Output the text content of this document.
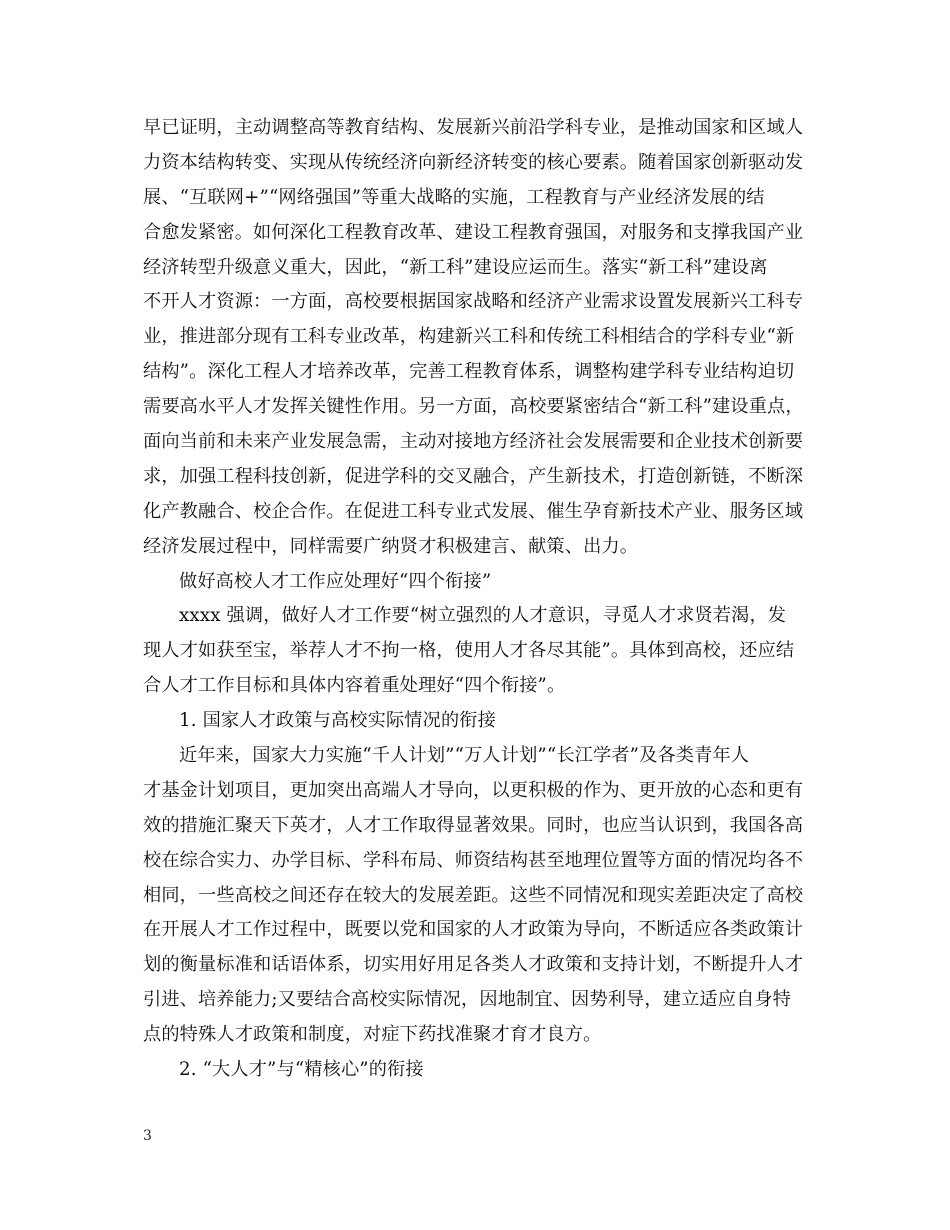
早已证明，主动调整高等教育结构、发展新兴前沿学科专业，是推动国家和区域人
力资本结构转变、实现从传统经济向新经济转变的核心要素。随着国家创新驱动发
展、“互联网+”“网络强国”等重大战略的实施，工程教育与产业经济发展的结
合愈发紧密。如何深化工程教育改革、建设工程教育强国，对服务和支撑我国产业
经济转型升级意义重大，因此，“新工科”建设应运而生。落实“新工科”建设离
不开人才资源：一方面，高校要根据国家战略和经济产业需求设置发展新兴工科专
业，推进部分现有工科专业改革，构建新兴工科和传统工科相结合的学科专业“新
结构”。深化工程人才培养改革，完善工程教育体系，调整构建学科专业结构迫切
需要高水平人才发挥关键性作用。另一方面，高校要紧密结合“新工科”建设重点，
面向当前和未来产业发展急需，主动对接地方经济社会发展需要和企业技术创新要
求，加强工程科技创新，促进学科的交叉融合，产生新技术，打造创新链，不断深
化产教融合、校企合作。在促进工科专业式发展、催生孕育新技术产业、服务区域
经济发展过程中，同样需要广纳贤才积极建言、献策、出力。
做好高校人才工作应处理好“四个衔接”
xxxx 强调，做好人才工作要“树立强烈的人才意识，寻觅人才求贤若渴，发
现人才如获至宝，举荐人才不拘一格，使用人才各尽其能”。具体到高校，还应结
合人才工作目标和具体内容着重处理好“四个衔接”。
1. 国家人才政策与高校实际情况的衔接
近年来，国家大力实施“千人计划”“万人计划”“长江学者”及各类青年人
才基金计划项目，更加突出高端人才导向，以更积极的作为、更开放的心态和更有
效的措施汇聚天下英才，人才工作取得显著效果。同时，也应当认识到，我国各高
校在综合实力、办学目标、学科布局、师资结构甚至地理位置等方面的情况均各不
相同，一些高校之间还存在较大的发展差距。这些不同情况和现实差距决定了高校
在开展人才工作过程中，既要以党和国家的人才政策为导向，不断适应各类政策计
划的衡量标准和话语体系，切实用好用足各类人才政策和支持计划，不断提升人才
引进、培养能力;又要结合高校实际情况，因地制宜、因势利导，建立适应自身特
点的特殊人才政策和制度，对症下药找准聚才育才良方。
2. “大人才”与“精核心”的衔接
3
